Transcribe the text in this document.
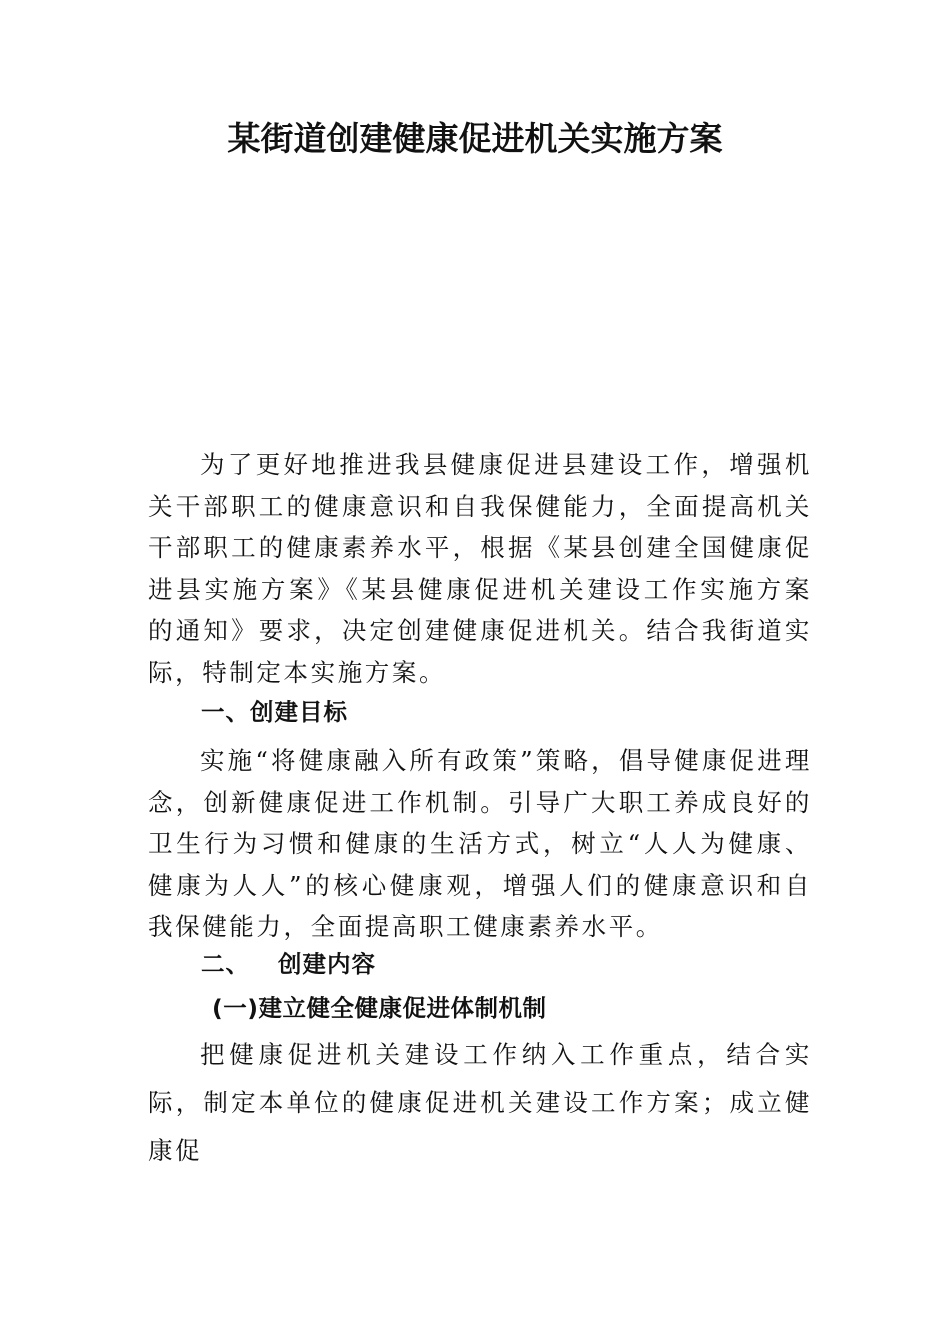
某街道创建健康促进机关实施方案

为了更好地推进我县健康促进县建设工作，增强机关干部职工的健康意识和自我保健能力，全面提高机关干部职工的健康素养水平，根据《某县创建全国健康促进县实施方案》《某县健康促进机关建设工作实施方案的通知》要求，决定创建健康促进机关。结合我街道实际，特制定本实施方案。

一、创建目标

实施“将健康融入所有政策”策略，倡导健康促进理念，创新健康促进工作机制。引导广大职工养成良好的卫生行为习惯和健康的生活方式，树立“人人为健康、健康为人人”的核心健康观，增强人们的健康意识和自我保健能力，全面提高职工健康素养水平。

二、 创建内容
(一)建立健全健康促进体制机制

把健康促进机关建设工作纳入工作重点，结合实际，制定本单位的健康促进机关建设工作方案；成立健康促
